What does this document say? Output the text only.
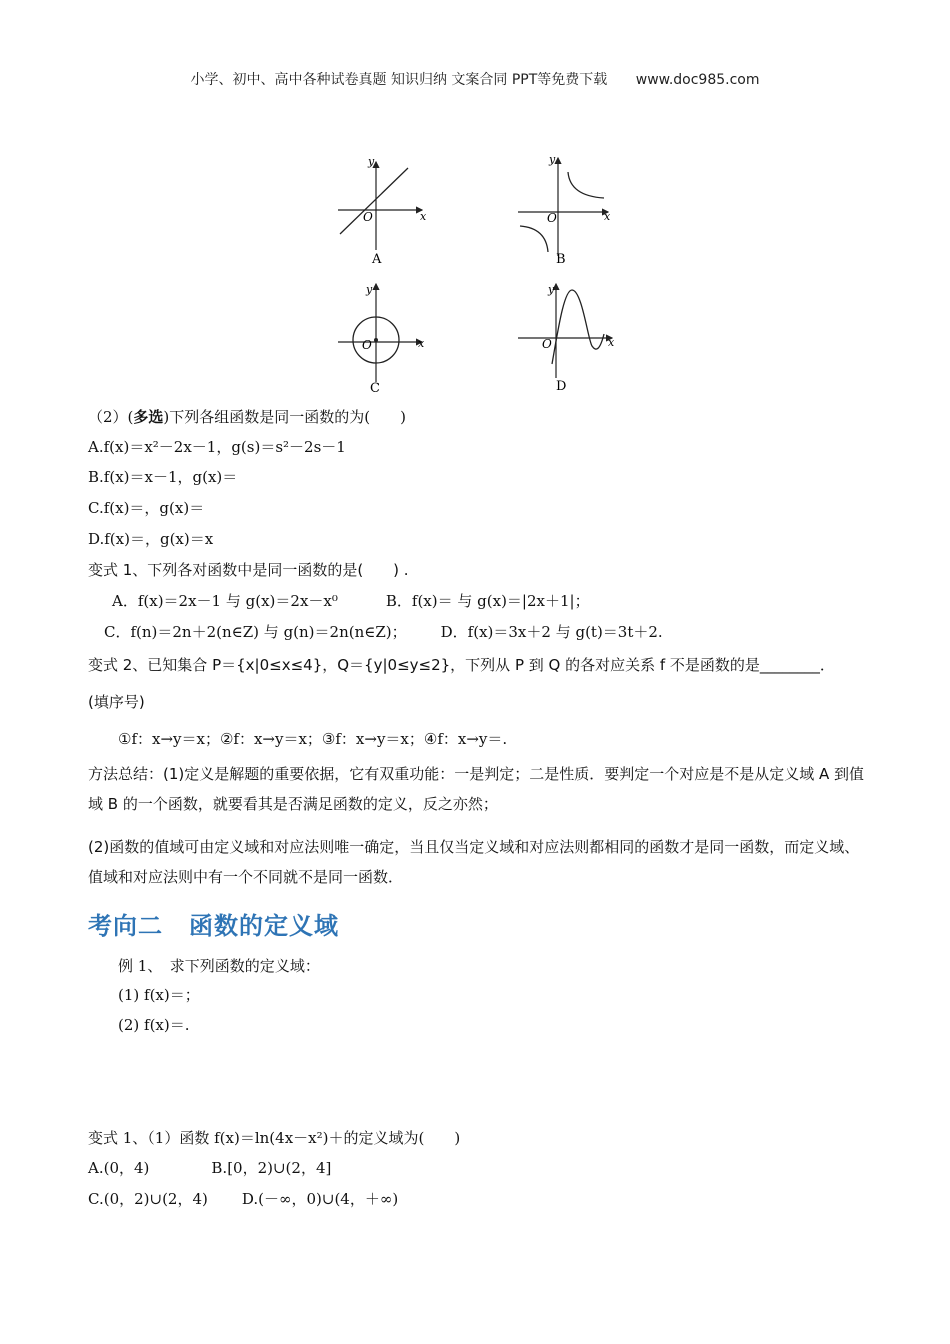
小学、初中、高中各种试卷真题 知识归纳 文案合同 PPT等免费下载 www.doc985.com
y
x
O
A
y
x
O
B
y
x
O
C
y
x
O
D
（2）(多选)下列各组函数是同一函数的为(　　)
A.f(x)＝x²－2x－1，g(s)＝s²－2s－1
B.f(x)＝x－1，g(x)＝
C.f(x)＝，g(x)＝
D.f(x)＝，g(x)＝x
变式 1、下列各对函数中是同一函数的是(　　) .
A．f(x)＝2x－1 与 g(x)＝2x－x⁰	B．f(x)＝ 与 g(x)＝|2x＋1|；
C．f(n)＝2n＋2(n∈Z) 与 g(n)＝2n(n∈Z)； D．f(x)＝3x＋2 与 g(t)＝3t＋2.
变式 2、已知集合 P＝{x|0≤x≤4}，Q＝{y|0≤y≤2}，下列从 P 到 Q 的各对应关系 f 不是函数的是________．
(填序号)
①f：x→y＝x；②f：x→y＝x；③f：x→y＝x；④f：x→y＝.
方法总结：(1)定义是解题的重要依据，它有双重功能：一是判定；二是性质．要判定一个对应是不是从定义域 A 到值域 B 的一个函数，就要看其是否满足函数的定义，反之亦然；
(2)函数的值域可由定义域和对应法则唯一确定，当且仅当定义域和对应法则都相同的函数才是同一函数，而定义域、值域和对应法则中有一个不同就不是同一函数．
考向二 函数的定义域
例 1、　求下列函数的定义域：
(1) f(x)＝；
(2) f(x)＝.
变式 1、（1）函数 f(x)＝ln(4x－x²)＋的定义域为(　　)
A.(0，4)	B.[0，2)∪(2，4]
C.(0，2)∪(2，4) D.(－∞，0)∪(4，＋∞)
